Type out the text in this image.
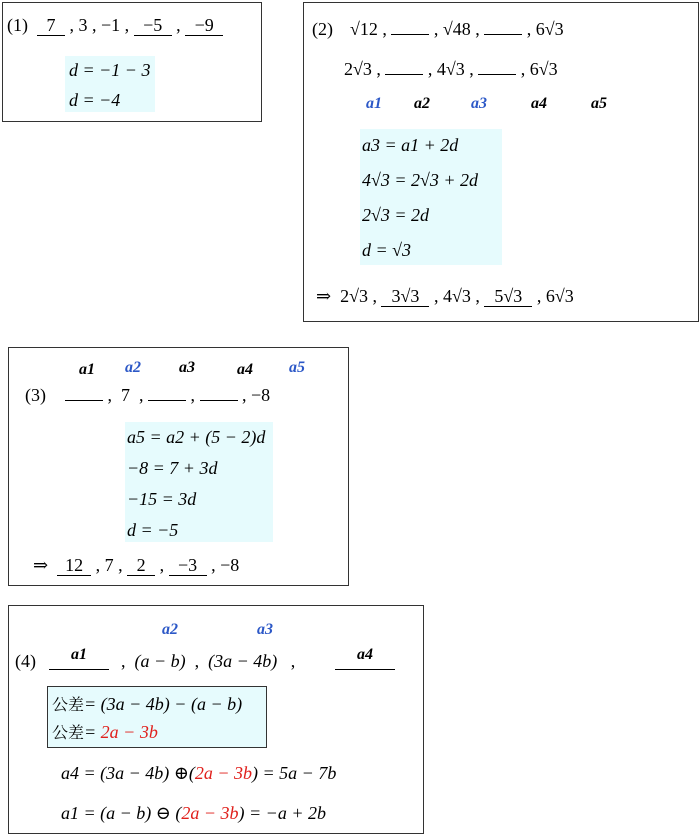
(1)	7 , 3 , −1 , −5 , −9
d = −1 − 3
d = −4
(2) √12 ,  , √48 ,  , 6√3
2√3 ,  , 4√3 ,  , 6√3
a1 a2	a3	a4	a5
a3 = a1 + 2d
4√3 = 2√3 + 2d
2√3 = 2d
d = √3
⇒ 2√3 , 3√3 , 4√3 , 5√3 , 6√3
a1 a2 a3	a4 a5
(3)	,  7  ,  ,  , −8
a5 = a2 + (5 − 2)d
−8 = 7 + 3d
−15 = 3d
d = −5
⇒ 12 , 7 , 2 , −3 , −8
a2	a3
(4)	a1	,  (a − b)  ,  (3a − 4b)   ,	a4
公差= (3a − 4b) − (a − b)
公差= 2a − 3b
a4 = (3a − 4b) ⊕(2a − 3b) = 5a − 7b
a1 = (a − b) ⊖ (2a − 3b) = −a + 2b
